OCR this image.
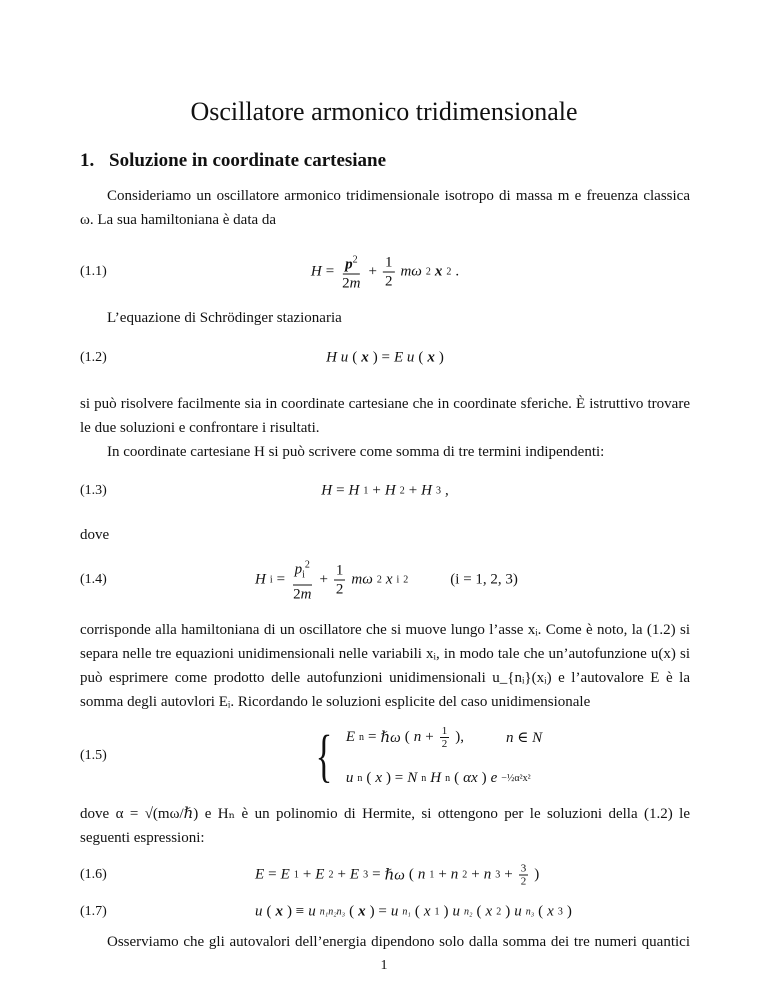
Oscillatore armonico tridimensionale
1. Soluzione in coordinate cartesiane
Consideriamo un oscillatore armonico tridimensionale isotropo di massa m e freuenza classica ω. La sua hamiltoniana è data da
(1.1)	$H = \frac{p^2}{2m} + \frac{1}{2}$ mω 2 x 2 .
L’equazione di Schrödinger stazionaria
(1.2)	H u ( x ) = E u ( x )
si può risolvere facilmente sia in coordinate cartesiane che in coordinate sferiche. È istruttivo trovare le due soluzioni e confrontare i risultati.
In coordinate cartesiane H si può scrivere come somma di tre termini indipendenti:
(1.3)	H = H 1 + H 2 + H 3 ,
dove
(1.4)	H $i = \frac{p_i^2}{2m} + \frac{1}{2}$ mω 2 x i 2	(i = 1, 2, 3)
corrisponde alla hamiltoniana di un oscillatore che si muove lungo l’asse xᵢ. Come è noto, la (1.2) si separa nelle tre equazioni unidimensionali nelle variabili xᵢ, in modo tale che un’autofunzione u(x) si può esprimere come prodotto delle autofunzioni unidimensionali u_{nᵢ}(xᵢ) e l’autovalore E è la somma degli autovlori Eᵢ. Ricordando le soluzioni esplicite del caso unidimensionale
(1.5)	{ E n = ℏω ( $n + \frac{1}{2}$ ),	n ∈ N
u n ( x ) = N n H n ( αx ) e −½α²x²
dove α = √(mω/ℏ) e Hₙ è un polinomio di Hermite, si ottengono per le soluzioni della (1.2) le seguenti espressioni:
(1.6)	E = E 1 + E 2 + E 3 = ℏω ( n 1 + n 2 + n $3 + \frac{3}{2}$ )
(1.7)	u ( x ) ≡ u n₁n₂n₃ ( x ) = u n₁ ( x 1 ) u n₂ ( x 2 ) u n₃ ( x 3 )
Osserviamo che gli autovalori dell’energia dipendono solo dalla somma dei tre numeri quantici
1
